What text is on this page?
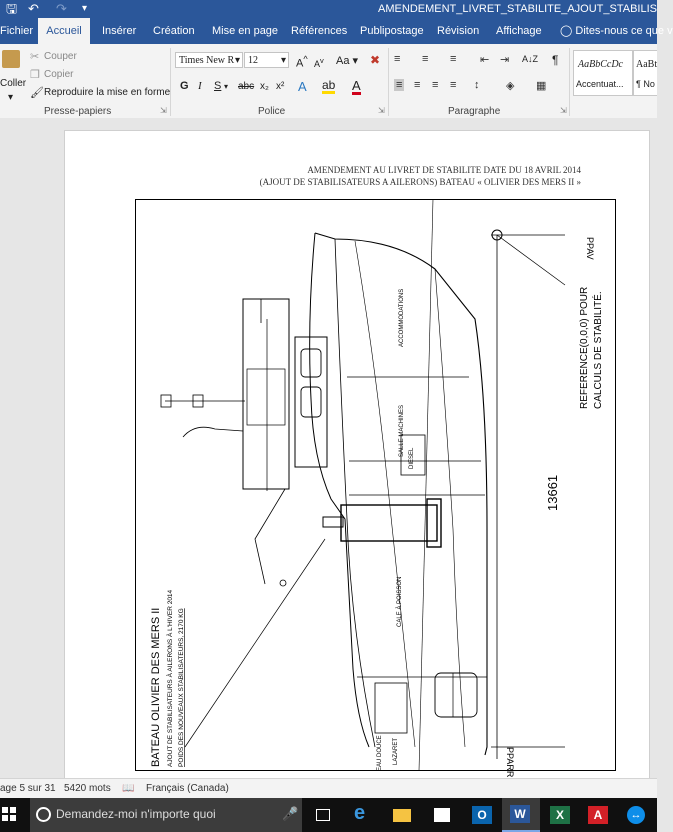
🖫 ↶ ↷ ▾	AMENDEMENT_LIVRET_STABILITE_AJOUT_STABILIS
Fichier	Accueil	Insérer Création Mise en page Références Publipostage Révision Affichage ◯ Dites-nous ce que v
Coller
▾
✂ Couper
❐ Copier
🖌 Reproduire la mise en forme
Presse-papiers	⇲
Times New R ▾ 12 ▾ A^ $A^v$ Aa ▾ ✖
G I S ▾ abc x₂ x² A ab A
Police	⇲
≡ ≡ ≡ ⇤ ⇥ A↓Z ¶
≡ ≡ ≡ ≡ ↕ ◈ ▦
Paragraphe	⇲
AaBbCcDc
Accentuat...
AaBt
¶ No
AMENDEMENT AU LIVRET DE STABILITE DATE DU 18 AVRIL 2014
(AJOUT DE STABILISATEURS A AILERONS) BATEAU « OLIVIER DES MERS II »
PPAV
PPARR
13661
REFERENCE(0,0,0) POUR CALCULS DE STABILITÉ.
ACCOMMODATIONS
SALLE MACHINES
DIESEL
CALE À POISSON
EAU DOUCE LAZARET
BATEAU OLIVIER DES MERS II AJOUT DE STABILISATEURS À AILERONS À L'HIVER 2014 POIDS DES NOUVEAUX STABILISATEURS, 2170 KG
age 5 sur 31 5420 mots 📖 Français (Canada)
Demandez-moi n'importe quoi	🎤	e	O	W	X	A	↔
